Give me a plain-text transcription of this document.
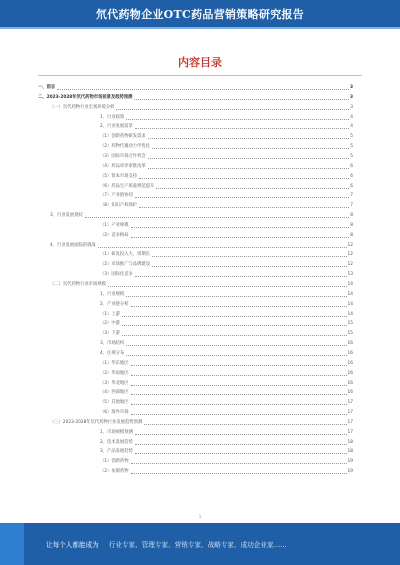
氘代药物企业OTC药品营销策略研究报告
内容目录
一、前言	3
二、2023-2028年氘代药物市场前景及趋势预测	3
（一）氘代药物行业宏观环境分析	3
1、行业政策	4
2、行业发展前景	4
（1）创新药物研发需求	5
（2）药物代谢动力学优化	5
（3）国际市场合作机会	5
（4）药品审评审批改革	6
（5）资本市场支持	6
（6）药品生产质量规范提升	6
（7）产业链协同	7
（8）知识产权保护	7
3、行业发展现状	8
（1）产业规模	8
（2）竞争格局	8
4、行业发展面临的挑战	12
（1）研发投入大、周期长	12
（2）市场推广与品牌建设	12
（3）国际化竞争	13
（二）氘代药物行业市场规模	14
1、行业规模	14
2、产业链分析	14
（1）上游	14
（2）中游	15
（3）下游	15
3、市场结构	16
4、区域分布	16
（1）华东地区	16
（2）华南地区	16
（3）华北地区	16
（4）西部地区	16
（5）其他地区	17
（6）海外市场	17
（三）2023-2028年氘代药物行业发展趋势预测	17
1、市场规模预测	17
2、技术发展趋势	18
3、产品发展趋势	18
（1）创新药物	19
（2）仿制药物	19
1
让每个人都能成为 行业专家、管理专家、营销专家、战略专家、成功企业家……
